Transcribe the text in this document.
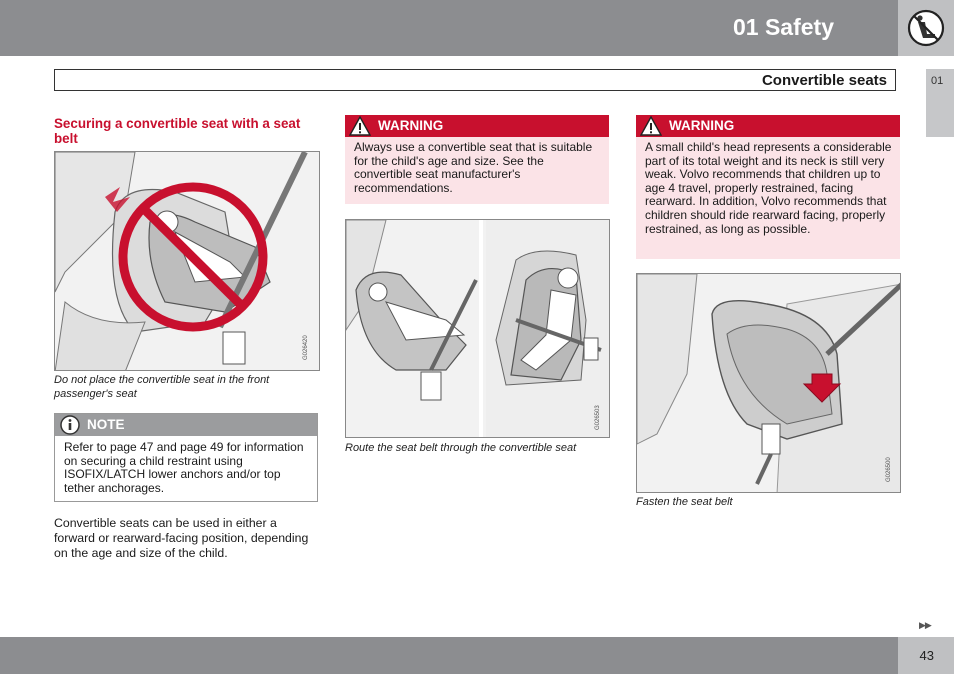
01 Safety
Convertible seats	01
Securing a convertible seat with a seat belt
G026420
Do not place the convertible seat in the front passenger's seat
NOTE
Refer to page 47 and page 49 for information on securing a child restraint using ISOFIX/LATCH lower anchors and/or top tether anchorages.
Convertible seats can be used in either a forward or rearward-facing position, depending on the age and size of the child.
WARNING
Always use a convertible seat that is suitable for the child's age and size. See the convertible seat manufacturer's recommendations.
G026503
Route the seat belt through the convertible seat
WARNING
A small child's head represents a considerable part of its total weight and its neck is still very weak. Volvo recommends that children up to age 4 travel, properly restrained, facing rearward. In addition, Volvo recommends that children should ride rearward facing, properly restrained, as long as possible.
G026500
Fasten the seat belt
▶▶
43
